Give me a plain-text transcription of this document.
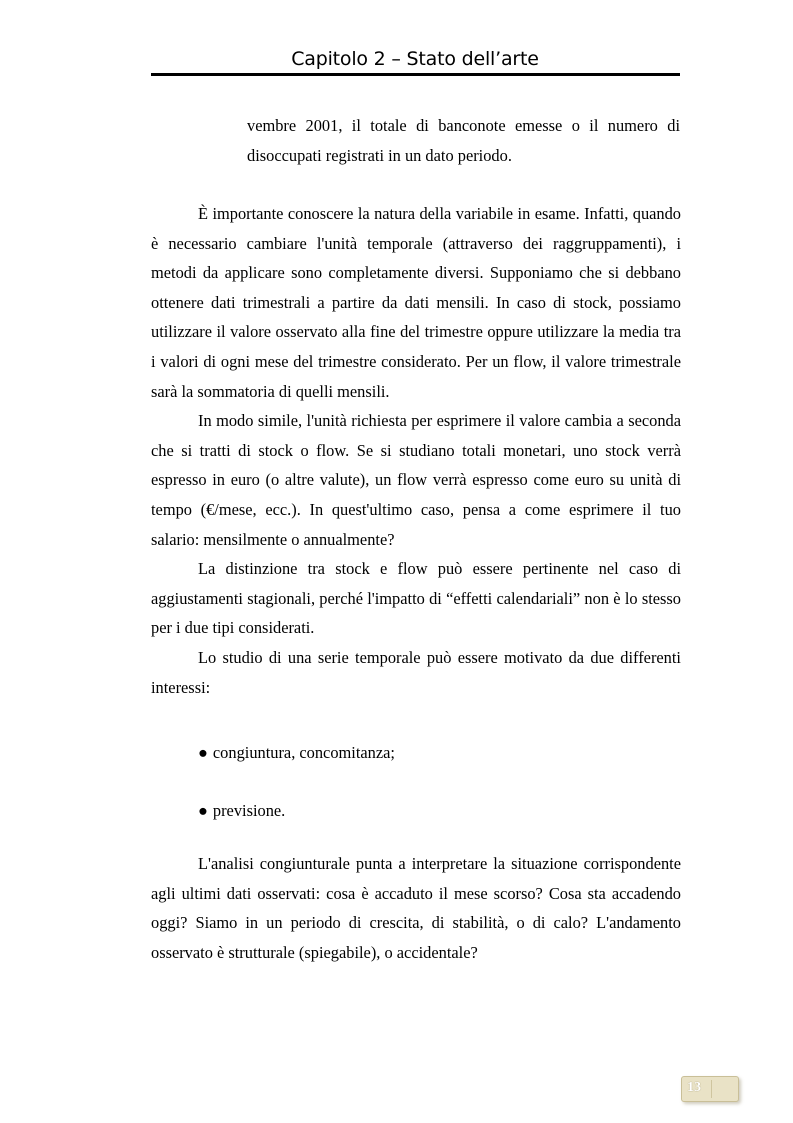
Capitolo 2 – Stato dell’arte

vembre 2001, il totale di banconote emesse o il numero di disoccupati registrati in un dato periodo.

È importante conoscere la natura della variabile in esame. Infatti, quando è necessario cambiare l'unità temporale (attraverso dei raggruppamenti), i metodi da applicare sono completamente diversi. Supponiamo che si debbano ottenere dati trimestrali a partire da dati mensili. In caso di stock, possiamo utilizzare il valore osservato alla fine del trimestre oppure utilizzare la media tra i valori di ogni mese del trimestre considerato. Per un flow, il valore trimestrale sarà la sommatoria di quelli mensili.

In modo simile, l'unità richiesta per esprimere il valore cambia a seconda che si tratti di stock o flow. Se si studiano totali monetari, uno stock verrà espresso in euro (o altre valute), un flow verrà espresso come euro su unità di tempo (€/mese, ecc.). In quest'ultimo caso, pensa a come esprimere il tuo salario: mensilmente o annualmente?

La distinzione tra stock e flow può essere pertinente nel caso di aggiustamenti stagionali, perché l'impatto di “effetti calendariali” non è lo stesso per i due tipi considerati.

Lo studio di una serie temporale può essere motivato da due differenti interessi:

● congiuntura, concomitanza;
● previsione.

L'analisi congiunturale punta a interpretare la situazione corrispondente agli ultimi dati osservati: cosa è accaduto il mese scorso? Cosa sta accadendo oggi? Siamo in un periodo di crescita, di stabilità, o di calo? L'andamento osservato è strutturale (spiegabile), o accidentale?

13
